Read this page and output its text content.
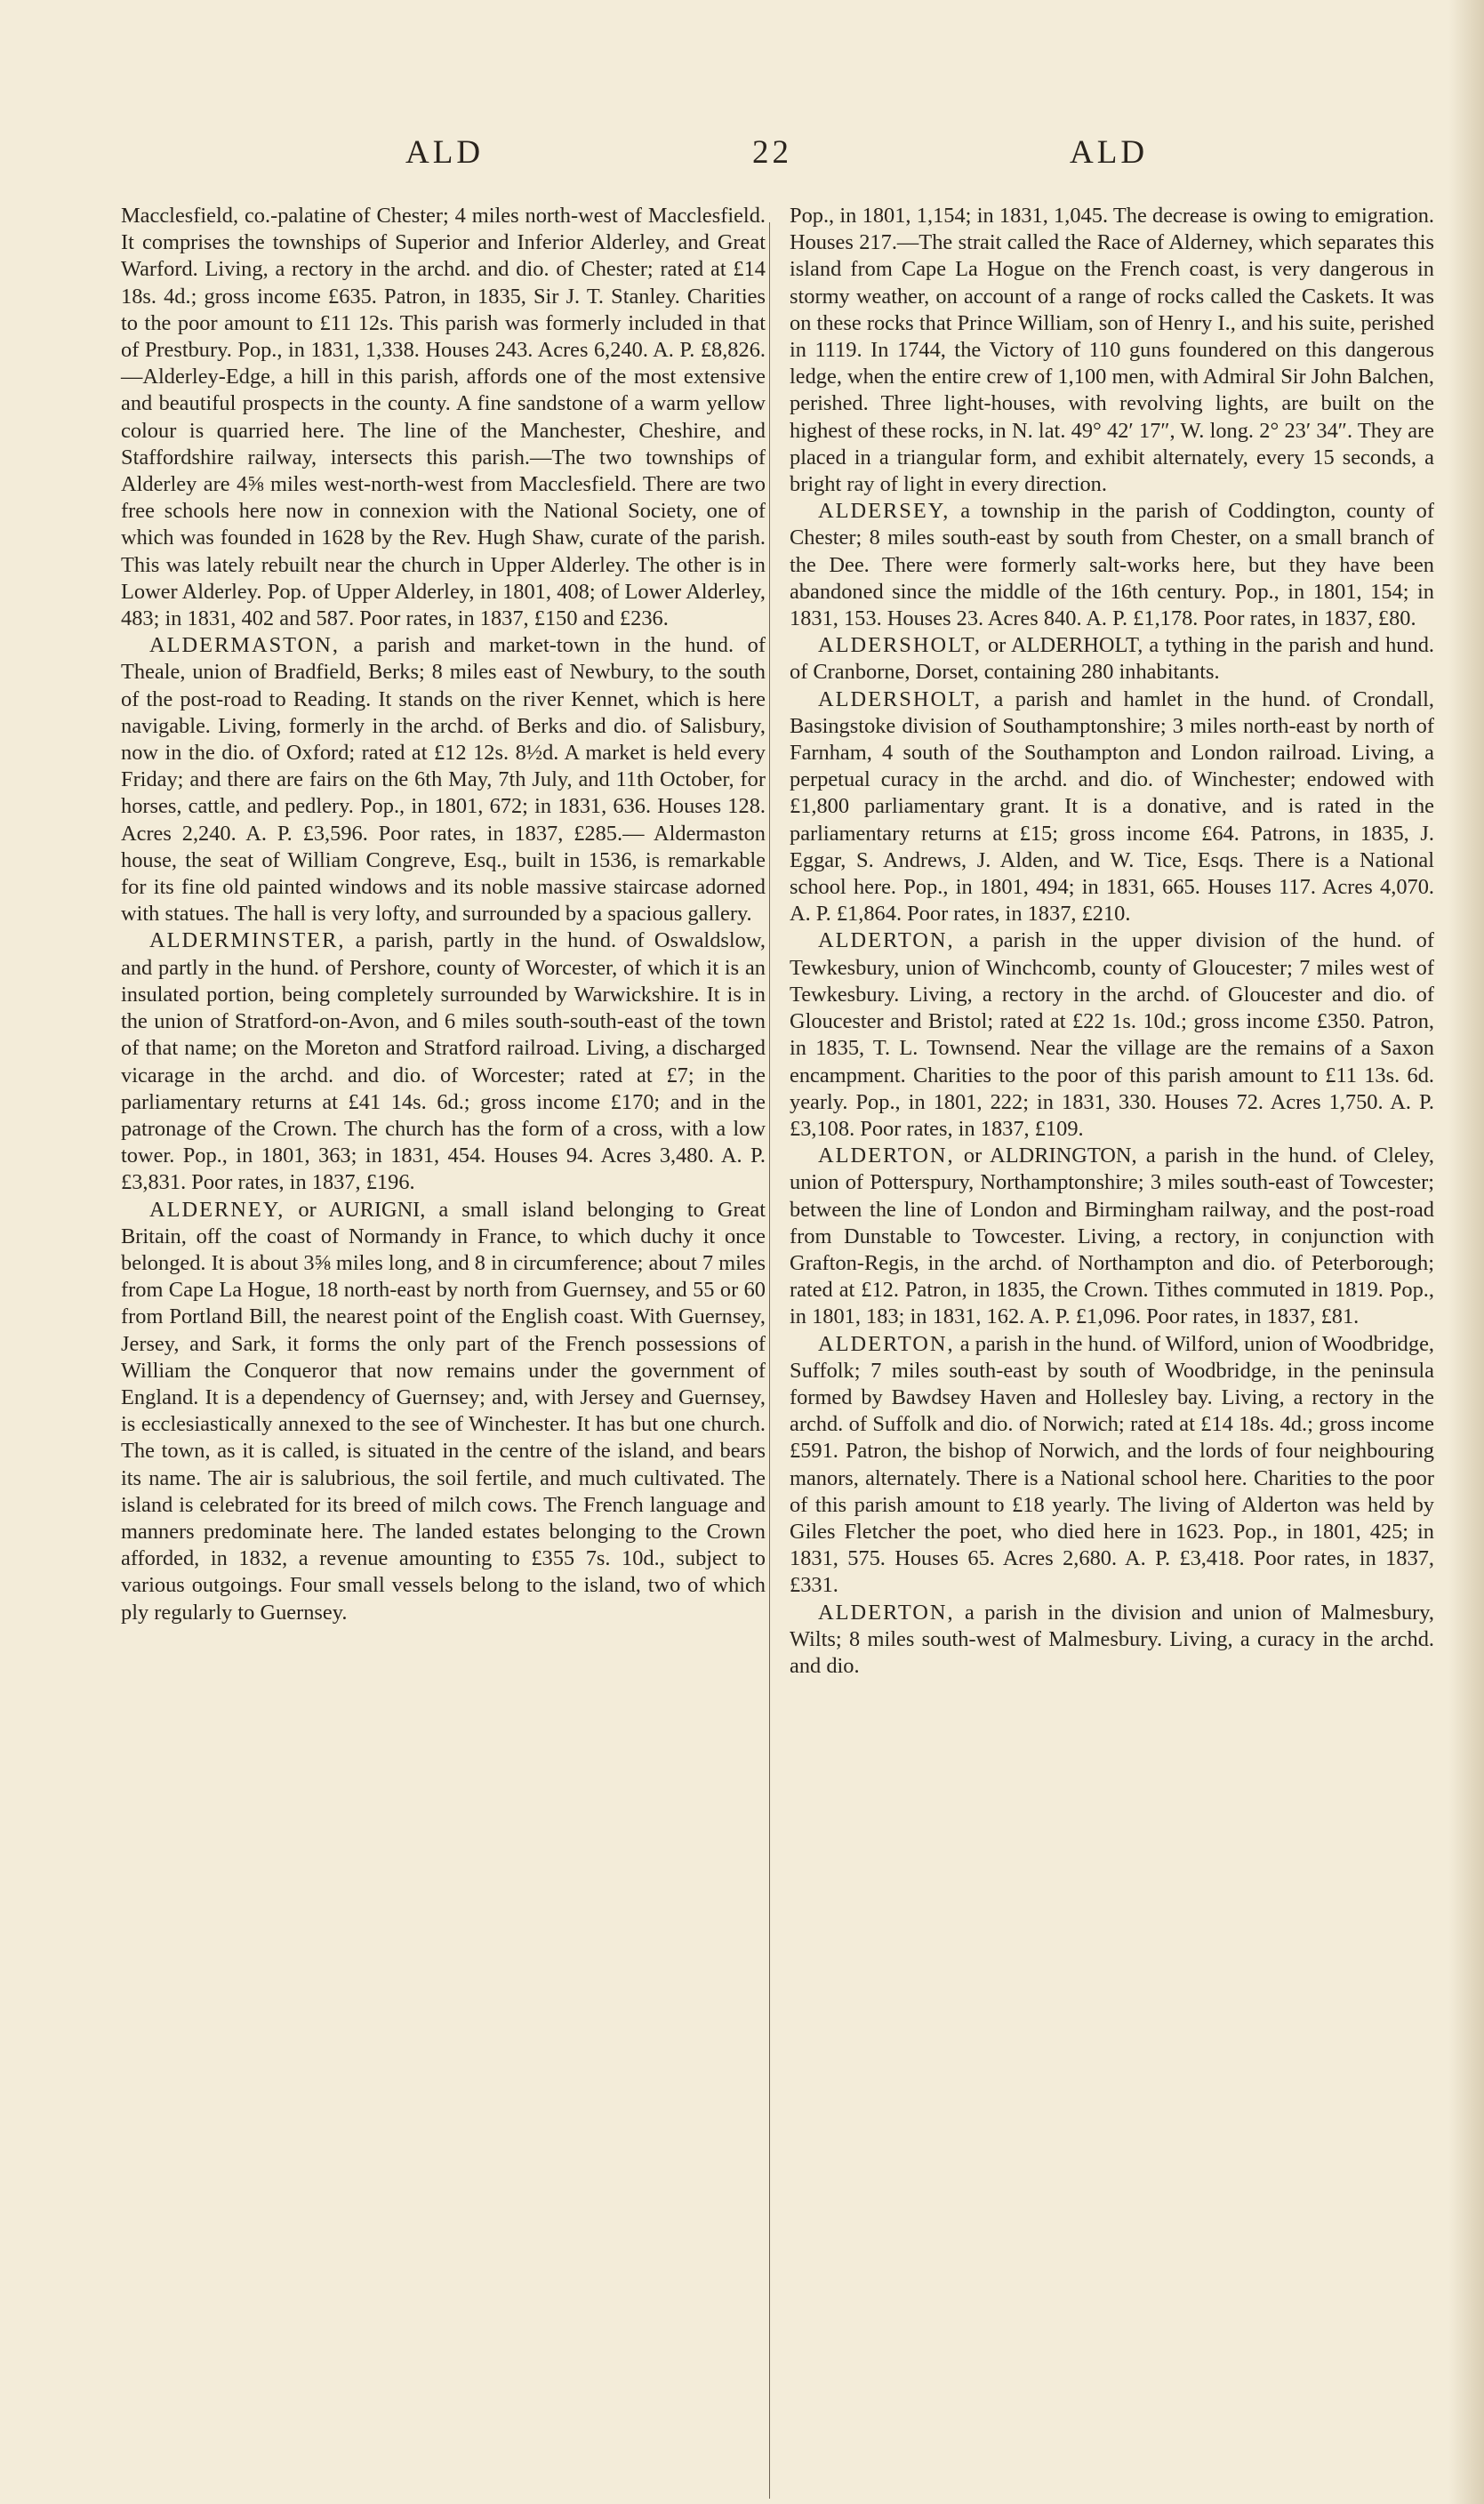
ALD	22	ALD

Macclesfield, co.-palatine of Chester; 4 miles north-west of Macclesfield. It comprises the townships of Superior and Inferior Alderley, and Great Warford. Living, a rectory in the archd. and dio. of Chester; rated at £14 18s. 4d.; gross income £635. Patron, in 1835, Sir J. T. Stanley. Charities to the poor amount to £11 12s. This parish was formerly included in that of Prestbury. Pop., in 1831, 1,338. Houses 243. Acres 6,240. A. P. £8,826.—Alderley-Edge, a hill in this parish, affords one of the most extensive and beautiful prospects in the county. A fine sandstone of a warm yellow colour is quarried here. The line of the Manchester, Cheshire, and Staffordshire railway, intersects this parish.—The two townships of Alderley are 4⅝ miles west-north-west from Macclesfield. There are two free schools here now in connexion with the National Society, one of which was founded in 1628 by the Rev. Hugh Shaw, curate of the parish. This was lately rebuilt near the church in Upper Alderley. The other is in Lower Alderley. Pop. of Upper Alderley, in 1801, 408; of Lower Alderley, 483; in 1831, 402 and 587. Poor rates, in 1837, £150 and £236.

ALDERMASTON, a parish and market-town in the hund. of Theale, union of Bradfield, Berks; 8 miles east of Newbury, to the south of the post-road to Reading. It stands on the river Kennet, which is here navigable. Living, formerly in the archd. of Berks and dio. of Salisbury, now in the dio. of Oxford; rated at £12 12s. 8½d. A market is held every Friday; and there are fairs on the 6th May, 7th July, and 11th October, for horses, cattle, and pedlery. Pop., in 1801, 672; in 1831, 636. Houses 128. Acres 2,240. A. P. £3,596. Poor rates, in 1837, £285.— Aldermaston house, the seat of William Congreve, Esq., built in 1536, is remarkable for its fine old painted windows and its noble massive staircase adorned with statues. The hall is very lofty, and surrounded by a spacious gallery.

ALDERMINSTER, a parish, partly in the hund. of Oswaldslow, and partly in the hund. of Pershore, county of Worcester, of which it is an insulated portion, being completely surrounded by Warwickshire. It is in the union of Stratford-on-Avon, and 6 miles south-south-east of the town of that name; on the Moreton and Stratford railroad. Living, a discharged vicarage in the archd. and dio. of Worcester; rated at £7; in the parliamentary returns at £41 14s. 6d.; gross income £170; and in the patronage of the Crown. The church has the form of a cross, with a low tower. Pop., in 1801, 363; in 1831, 454. Houses 94. Acres 3,480. A. P. £3,831. Poor rates, in 1837, £196.

ALDERNEY, or AURIGNI, a small island belonging to Great Britain, off the coast of Normandy in France, to which duchy it once belonged. It is about 3⅝ miles long, and 8 in circumference; about 7 miles from Cape La Hogue, 18 north-east by north from Guernsey, and 55 or 60 from Portland Bill, the nearest point of the English coast. With Guernsey, Jersey, and Sark, it forms the only part of the French possessions of William the Conqueror that now remains under the government of England. It is a dependency of Guernsey; and, with Jersey and Guernsey, is ecclesiastically annexed to the see of Winchester. It has but one church. The town, as it is called, is situated in the centre of the island, and bears its name. The air is salubrious, the soil fertile, and much cultivated. The island is celebrated for its breed of milch cows. The French language and manners predominate here. The landed estates belonging to the Crown afforded, in 1832, a revenue amounting to £355 7s. 10d., subject to various outgoings. Four small vessels belong to the island, two of which ply regularly to Guernsey.

Pop., in 1801, 1,154; in 1831, 1,045. The decrease is owing to emigration. Houses 217.—The strait called the Race of Alderney, which separates this island from Cape La Hogue on the French coast, is very dangerous in stormy weather, on account of a range of rocks called the Caskets. It was on these rocks that Prince William, son of Henry I., and his suite, perished in 1119. In 1744, the Victory of 110 guns foundered on this dangerous ledge, when the entire crew of 1,100 men, with Admiral Sir John Balchen, perished. Three light-houses, with revolving lights, are built on the highest of these rocks, in N. lat. 49° 42′ 17″, W. long. 2° 23′ 34″. They are placed in a triangular form, and exhibit alternately, every 15 seconds, a bright ray of light in every direction.

ALDERSEY, a township in the parish of Coddington, county of Chester; 8 miles south-east by south from Chester, on a small branch of the Dee. There were formerly salt-works here, but they have been abandoned since the middle of the 16th century. Pop., in 1801, 154; in 1831, 153. Houses 23. Acres 840. A. P. £1,178. Poor rates, in 1837, £80.

ALDERSHOLT, or ALDERHOLT, a tything in the parish and hund. of Cranborne, Dorset, containing 280 inhabitants.

ALDERSHOLT, a parish and hamlet in the hund. of Crondall, Basingstoke division of Southamptonshire; 3 miles north-east by north of Farnham, 4 south of the Southampton and London railroad. Living, a perpetual curacy in the archd. and dio. of Winchester; endowed with £1,800 parliamentary grant. It is a donative, and is rated in the parliamentary returns at £15; gross income £64. Patrons, in 1835, J. Eggar, S. Andrews, J. Alden, and W. Tice, Esqs. There is a National school here. Pop., in 1801, 494; in 1831, 665. Houses 117. Acres 4,070. A. P. £1,864. Poor rates, in 1837, £210.

ALDERTON, a parish in the upper division of the hund. of Tewkesbury, union of Winchcomb, county of Gloucester; 7 miles west of Tewkesbury. Living, a rectory in the archd. of Gloucester and dio. of Gloucester and Bristol; rated at £22 1s. 10d.; gross income £350. Patron, in 1835, T. L. Townsend. Near the village are the remains of a Saxon encampment. Charities to the poor of this parish amount to £11 13s. 6d. yearly. Pop., in 1801, 222; in 1831, 330. Houses 72. Acres 1,750. A. P. £3,108. Poor rates, in 1837, £109.

ALDERTON, or ALDRINGTON, a parish in the hund. of Cleley, union of Potterspury, Northamptonshire; 3 miles south-east of Towcester; between the line of London and Birmingham railway, and the post-road from Dunstable to Towcester. Living, a rectory, in conjunction with Grafton-Regis, in the archd. of Northampton and dio. of Peterborough; rated at £12. Patron, in 1835, the Crown. Tithes commuted in 1819. Pop., in 1801, 183; in 1831, 162. A. P. £1,096. Poor rates, in 1837, £81.

ALDERTON, a parish in the hund. of Wilford, union of Woodbridge, Suffolk; 7 miles south-east by south of Woodbridge, in the peninsula formed by Bawdsey Haven and Hollesley bay. Living, a rectory in the archd. of Suffolk and dio. of Norwich; rated at £14 18s. 4d.; gross income £591. Patron, the bishop of Norwich, and the lords of four neighbouring manors, alternately. There is a National school here. Charities to the poor of this parish amount to £18 yearly. The living of Alderton was held by Giles Fletcher the poet, who died here in 1623. Pop., in 1801, 425; in 1831, 575. Houses 65. Acres 2,680. A. P. £3,418. Poor rates, in 1837, £331.

ALDERTON, a parish in the division and union of Malmesbury, Wilts; 8 miles south-west of Malmesbury. Living, a curacy in the archd. and dio.
